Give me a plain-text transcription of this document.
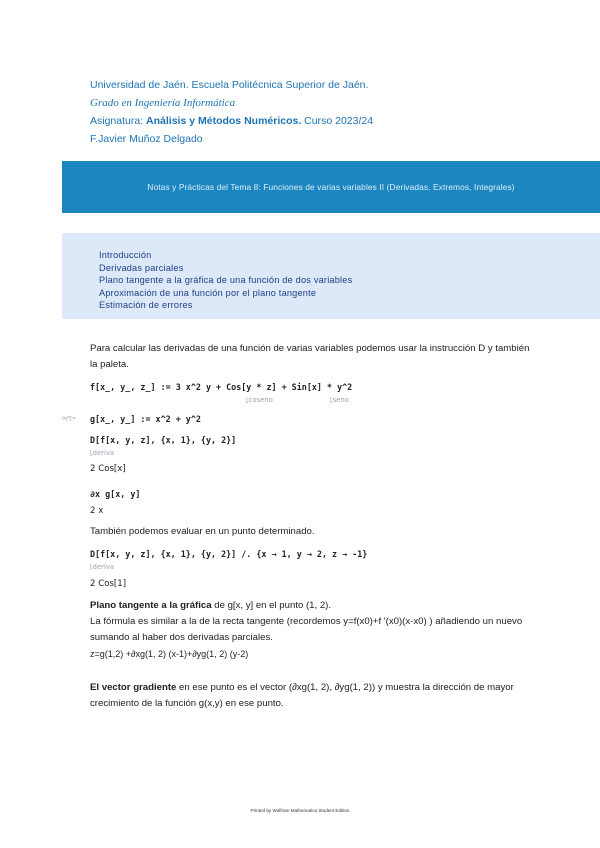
Universidad de Jaén. Escuela Politécnica Superior de Jaén.
Grado en Ingeniería Informática
Asignatura: Análisis y Métodos Numéricos. Curso 2023/24
F.Javier Muñoz Delgado
Notas y Prácticas del Tema 8: Funciones de varias variables II (Derivadas, Extremos, Integrales)
Introducción
Derivadas parciales
Plano tangente a la gráfica de una función de dos variables
Aproximación de una función por el plano tangente
Estimación de errores
Para calcular las derivadas de una función de varias variables podemos usar la instrucción D y también la paleta.
f[x_, y_, z_] := 3 x^2 y + Cos[y * z] + Sin[x] * y^2
⌊coseno	⌊seno
In[*]:= g[x_, y_] := x^2 + y^2
D[f[x, y, z], {x, 1}, {y, 2}]
⌊deriva
2 Cos[x]
∂x g[x, y]
2 x
También podemos evaluar en un punto determinado.
D[f[x, y, z], {x, 1}, {y, 2}] /. {x → 1, y → 2, z → -1}
⌊deriva
2 Cos[1]
Plano tangente a la gráfica de g[x, y] en el punto (1, 2).
La fórmula es similar a la de la recta tangente (recordemos y=f(x0)+f '(x0)(x-x0) ) añadiendo un nuevo sumando al haber dos derivadas parciales.
z=g(1,2) +∂xg(1, 2) (x-1)+∂yg(1, 2) (y-2)
El vector gradiente en ese punto es el vector (∂xg(1, 2), ∂yg(1, 2)) y muestra la dirección de mayor crecimiento de la función g(x,y) en ese punto.
Printed by Wolfram Mathematica Student Edition
